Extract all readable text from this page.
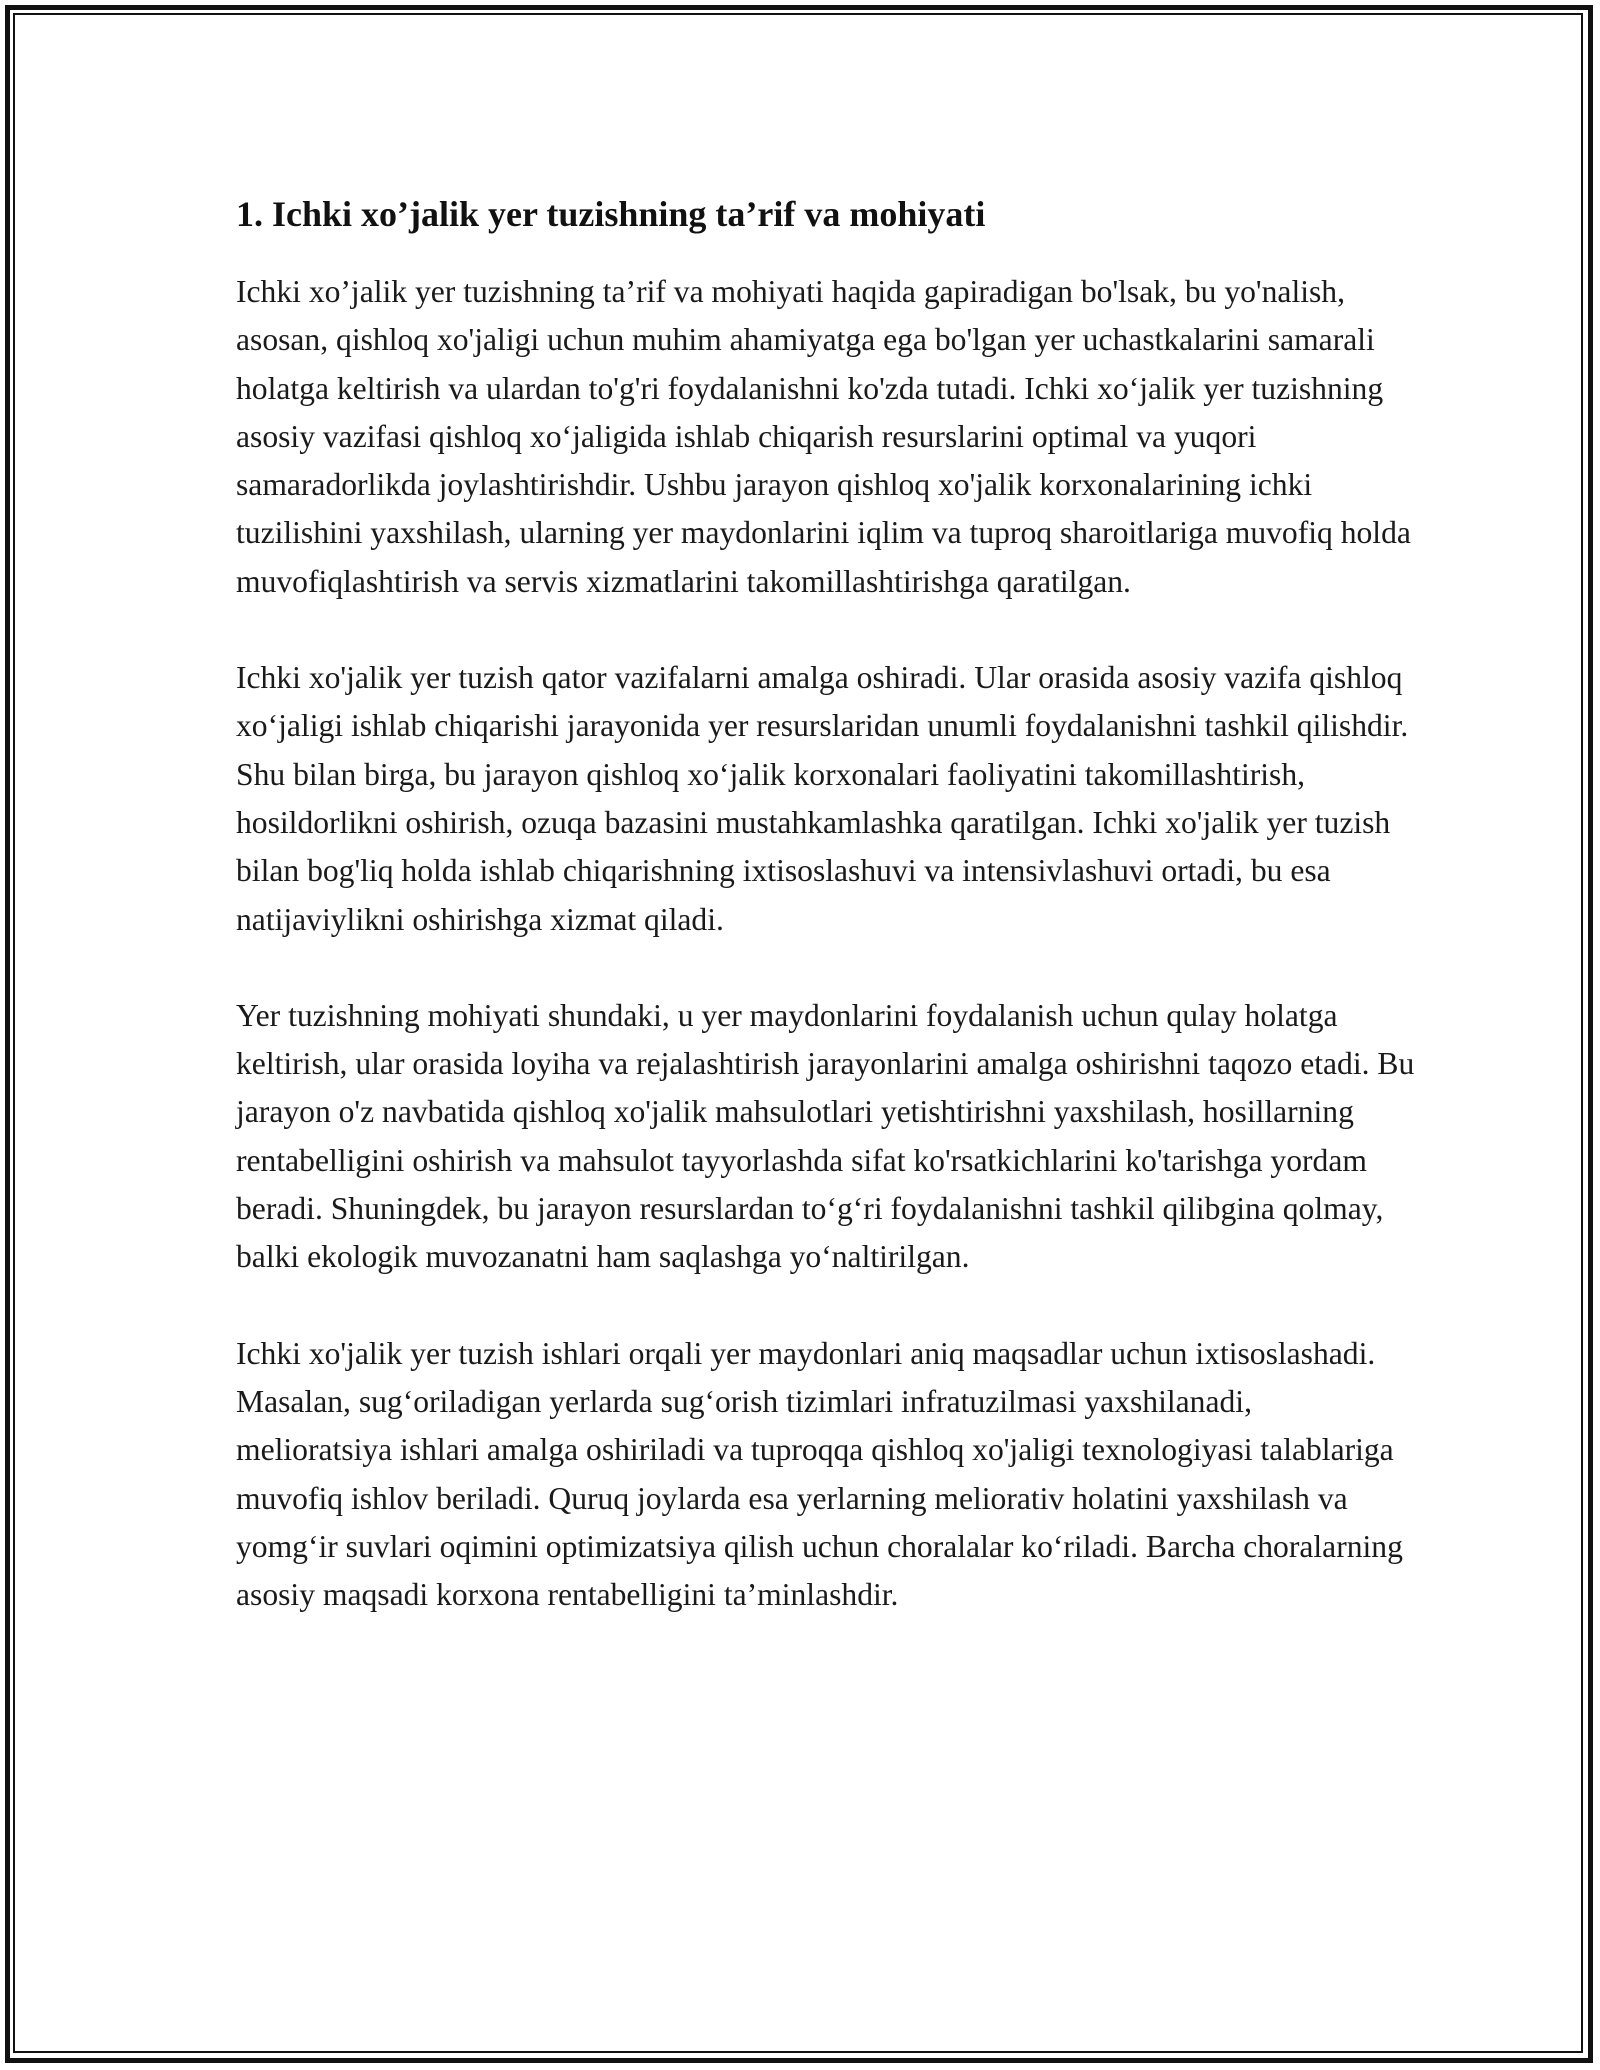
1. Ichki xo’jalik yer tuzishning ta’rif va mohiyati

Ichki xo’jalik yer tuzishning ta’rif va mohiyati haqida gapiradigan bo'lsak, bu yo'nalish, asosan, qishloq xo'jaligi uchun muhim ahamiyatga ega bo'lgan yer uchastkalarini samarali holatga keltirish va ulardan to'g'ri foydalanishni ko'zda tutadi. Ichki xo‘jalik yer tuzishning asosiy vazifasi qishloq xo‘jaligida ishlab chiqarish resurslarini optimal va yuqori samaradorlikda joylashtirishdir. Ushbu jarayon qishloq xo'jalik korxonalarining ichki tuzilishini yaxshilash, ularning yer maydonlarini iqlim va tuproq sharoitlariga muvofiq holda muvofiqlashtirish va servis xizmatlarini takomillashtirishga qaratilgan.

Ichki xo'jalik yer tuzish qator vazifalarni amalga oshiradi. Ular orasida asosiy vazifa qishloq xo‘jaligi ishlab chiqarishi jarayonida yer resurslaridan unumli foydalanishni tashkil qilishdir. Shu bilan birga, bu jarayon qishloq xo‘jalik korxonalari faoliyatini takomillashtirish, hosildorlikni oshirish, ozuqa bazasini mustahkamlashka qaratilgan. Ichki xo'jalik yer tuzish bilan bog'liq holda ishlab chiqarishning ixtisoslashuvi va intensivlashuvi ortadi, bu esa natijaviylikni oshirishga xizmat qiladi.

Yer tuzishning mohiyati shundaki, u yer maydonlarini foydalanish uchun qulay holatga keltirish, ular orasida loyiha va rejalashtirish jarayonlarini amalga oshirishni taqozo etadi. Bu jarayon o'z navbatida qishloq xo'jalik mahsulotlari yetishtirishni yaxshilash, hosillarning rentabelligini oshirish va mahsulot tayyorlashda sifat ko'rsatkichlarini ko'tarishga yordam beradi. Shuningdek, bu jarayon resurslardan to‘g‘ri foydalanishni tashkil qilibgina qolmay, balki ekologik muvozanatni ham saqlashga yo‘naltirilgan.

Ichki xo'jalik yer tuzish ishlari orqali yer maydonlari aniq maqsadlar uchun ixtisoslashadi. Masalan, sug‘oriladigan yerlarda sug‘orish tizimlari infratuzilmasi yaxshilanadi, melioratsiya ishlari amalga oshiriladi va tuproqqa qishloq xo'jaligi texnologiyasi talablariga muvofiq ishlov beriladi. Quruq joylarda esa yerlarning meliorativ holatini yaxshilash va yomg‘ir suvlari oqimini optimizatsiya qilish uchun choralalar ko‘riladi. Barcha choralarning asosiy maqsadi korxona rentabelligini ta’minlashdir.
